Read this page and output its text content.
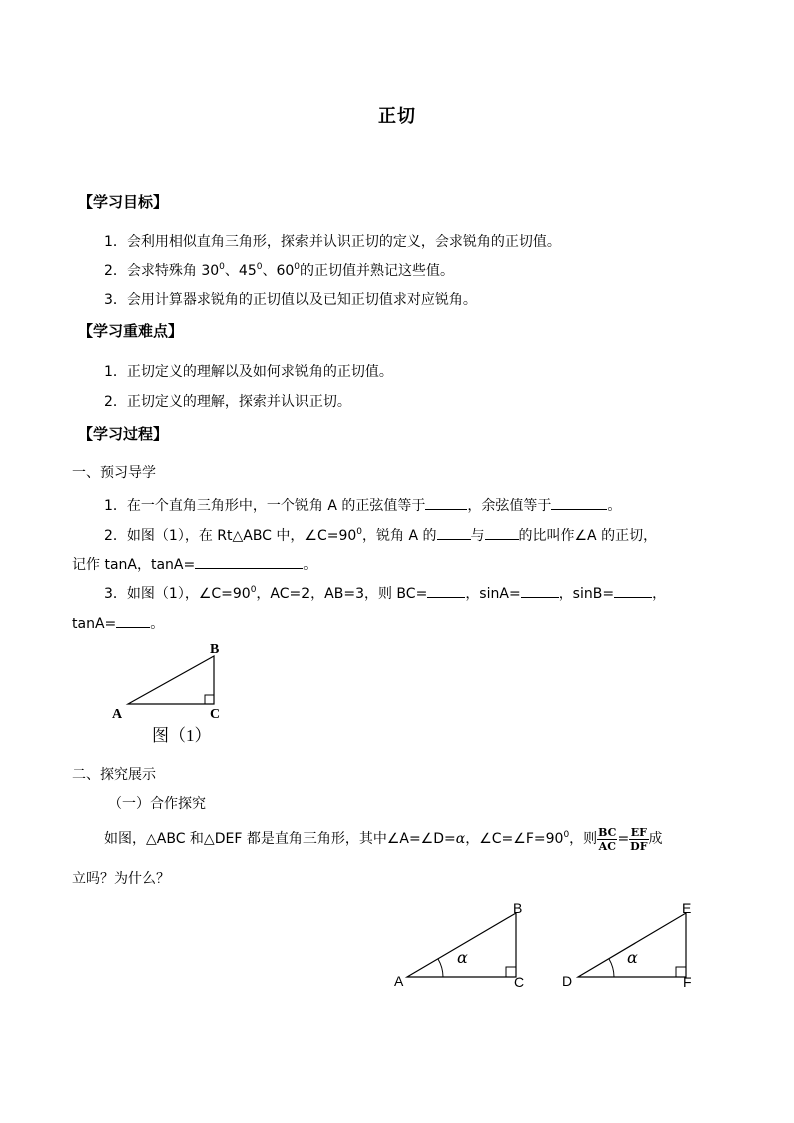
正切
【学习目标】
1．会利用相似直角三角形，探索并认识正切的定义，会求锐角的正切值。
2．会求特殊角 $30^0$、$45^0$、$60^0$的正切值并熟记这些值。
3．会用计算器求锐角的正切值以及已知正切值求对应锐角。
【学习重难点】
1．正切定义的理解以及如何求锐角的正切值。
2．正切定义的理解，探索并认识正切。
【学习过程】
一、预习导学
1．在一个直角三角形中，一个锐角 A 的正弦值等于	，余弦值等于	。
2．如图（1），在 Rt△ABC 中，$\angle C=90^0$，锐角 A 的 与 的比叫作∠A 的正切，
记作 tanA，tanA=	。
3．如图（1），$\angle C=90^0$，AC=2，AB=3，则 BC=	，sinA=	，sinB=	，
tanA= 。
B
A	C
图（1）
二、探究展示
（一）合作探究
如图，△ABC 和△DEF 都是直角三角形，其中∠A=∠D=α，$\angle C=\angle F=90^0$，则 $\frac{BC}{AC} = \frac{EF}{DF}$ 成
立吗？为什么？
B
A	C
α
E
D	F
α
